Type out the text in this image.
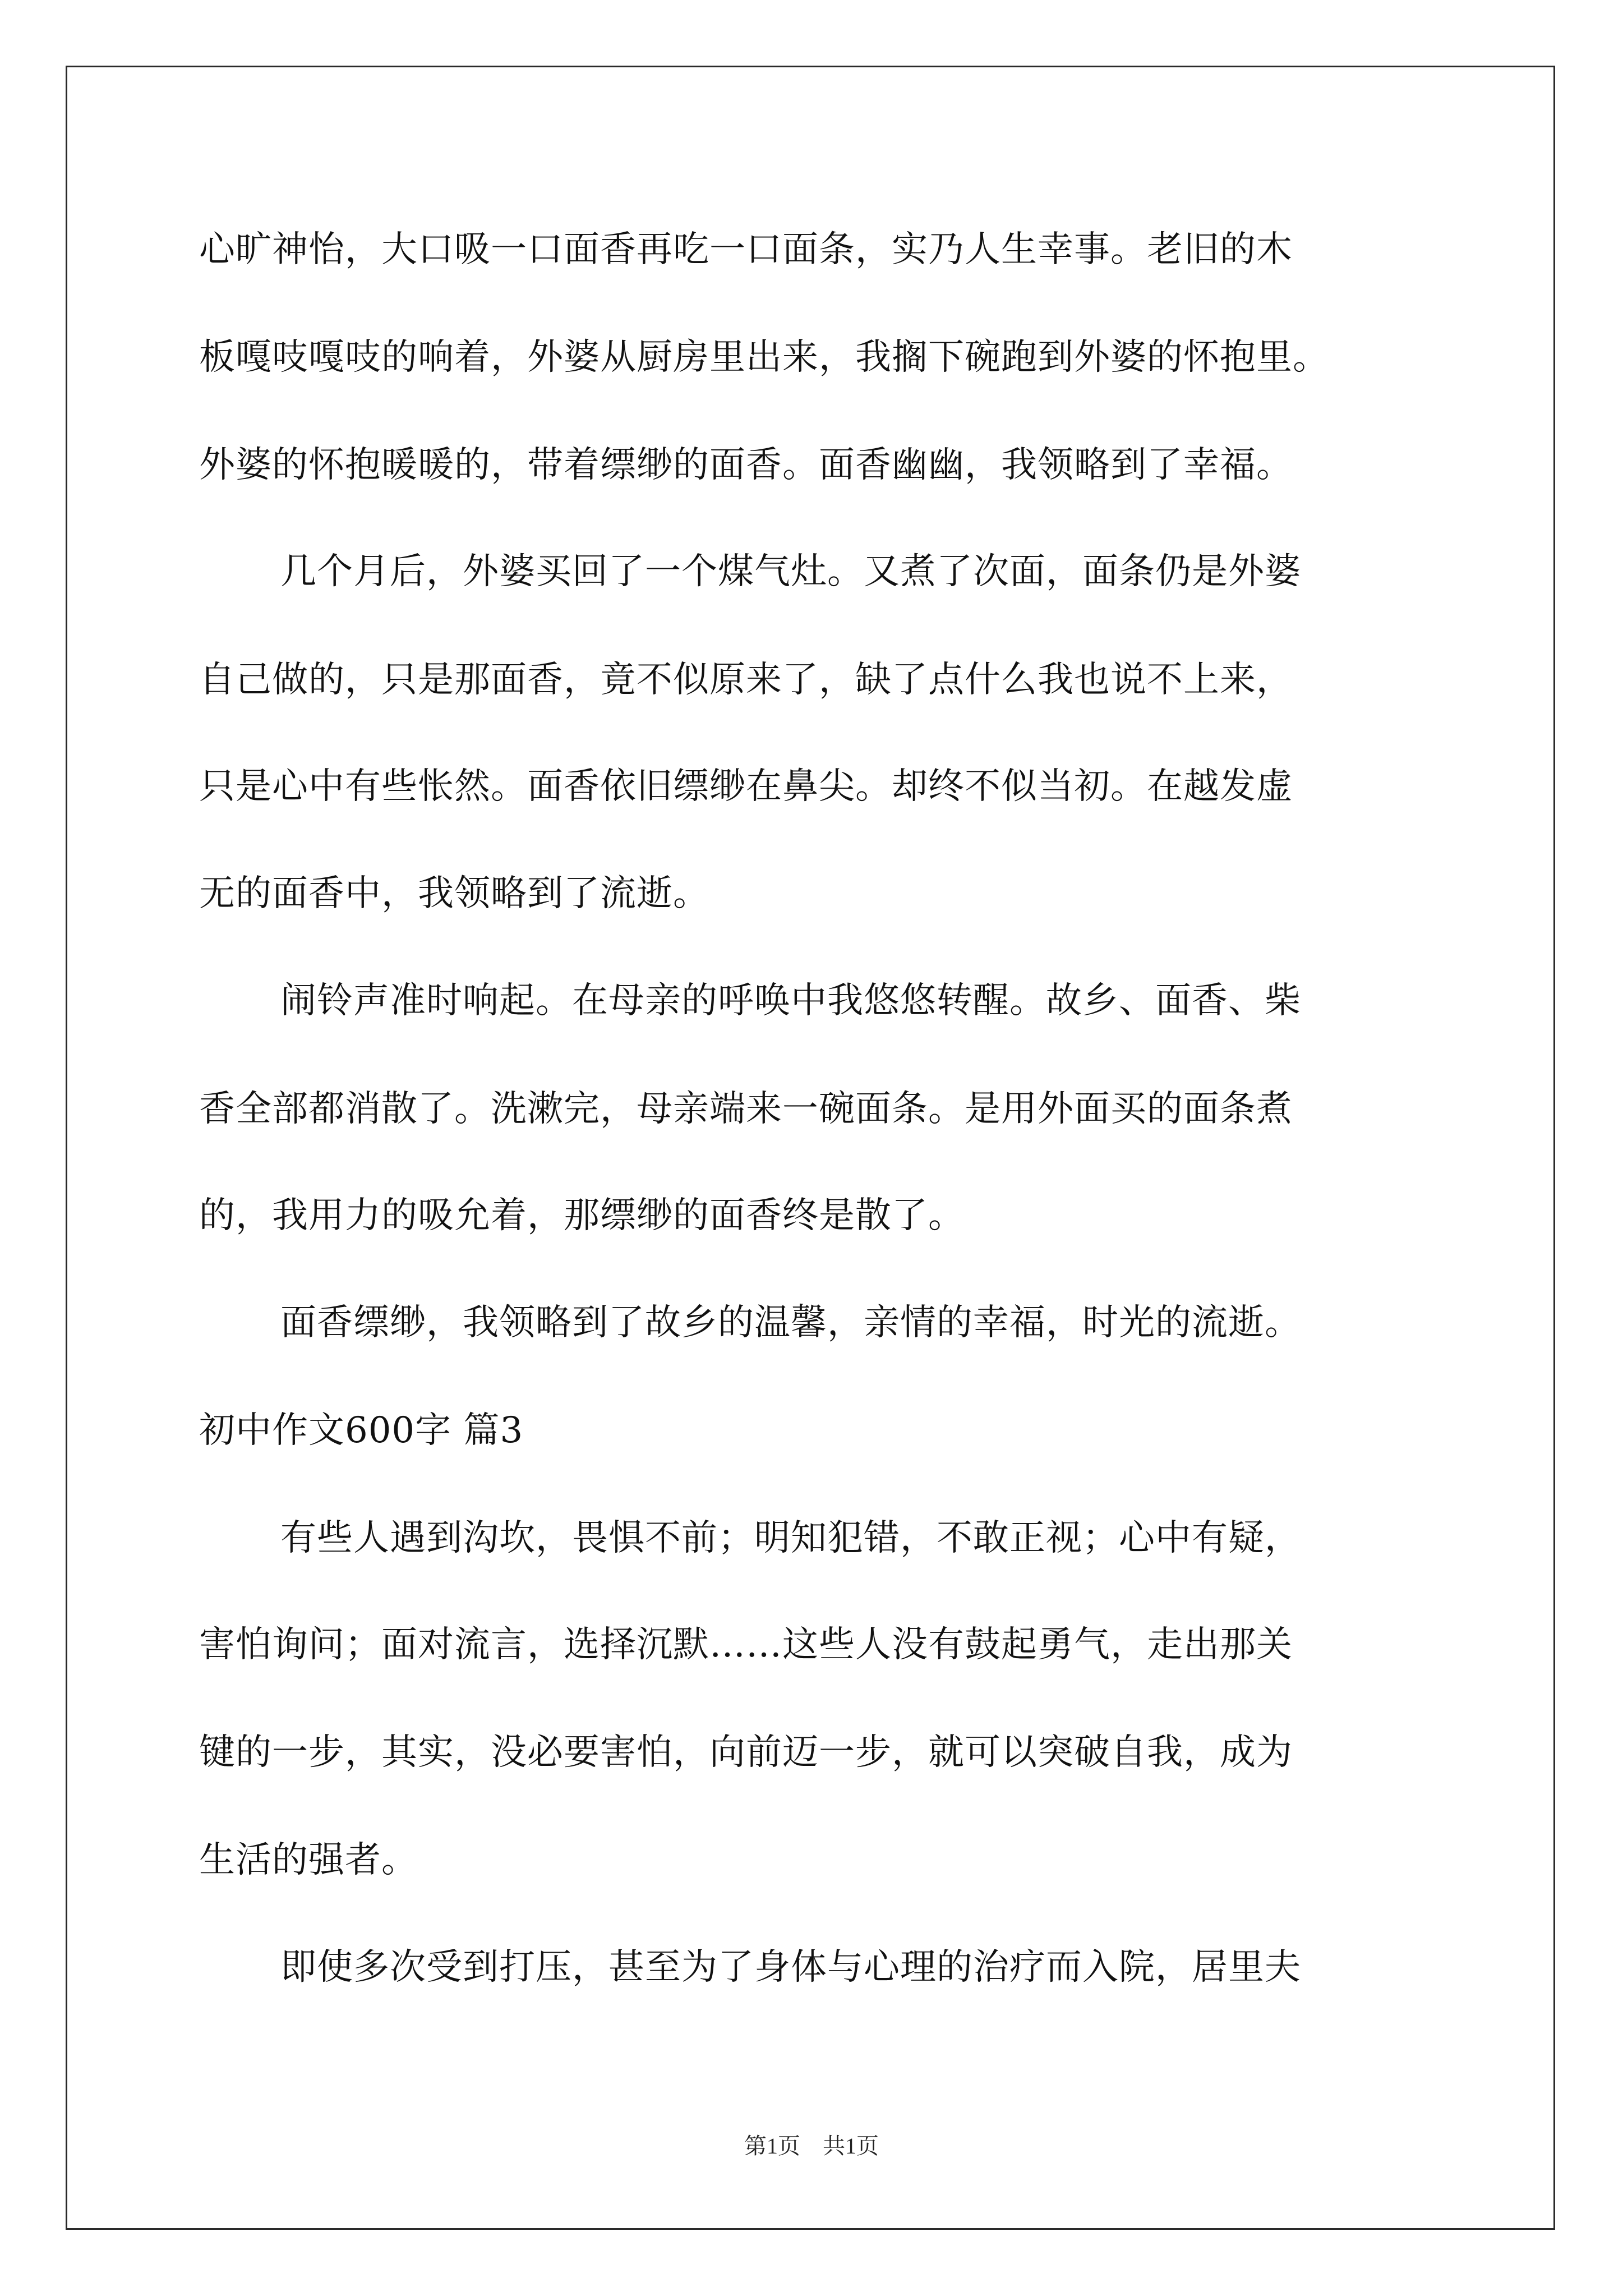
心旷神怡，大口吸一口面香再吃一口面条，实乃人生幸事。老旧的木
板嘎吱嘎吱的响着，外婆从厨房里出来，我搁下碗跑到外婆的怀抱里。
外婆的怀抱暖暖的，带着缥缈的面香。面香幽幽，我领略到了幸福。
几个月后，外婆买回了一个煤气灶。又煮了次面，面条仍是外婆
自己做的，只是那面香，竟不似原来了，缺了点什么我也说不上来，
只是心中有些怅然。面香依旧缥缈在鼻尖。却终不似当初。在越发虚
无的面香中，我领略到了流逝。
闹铃声准时响起。在母亲的呼唤中我悠悠转醒。故乡、面香、柴
香全部都消散了。洗漱完，母亲端来一碗面条。是用外面买的面条煮
的，我用力的吸允着，那缥缈的面香终是散了。
面香缥缈，我领略到了故乡的温馨，亲情的幸福，时光的流逝。
初中作文600字 篇3
有些人遇到沟坎，畏惧不前；明知犯错，不敢正视；心中有疑，
害怕询问；面对流言，选择沉默……这些人没有鼓起勇气，走出那关
键的一步，其实，没必要害怕，向前迈一步，就可以突破自我，成为
生活的强者。
即使多次受到打压，甚至为了身体与心理的治疗而入院，居里夫
第1页　共1页
